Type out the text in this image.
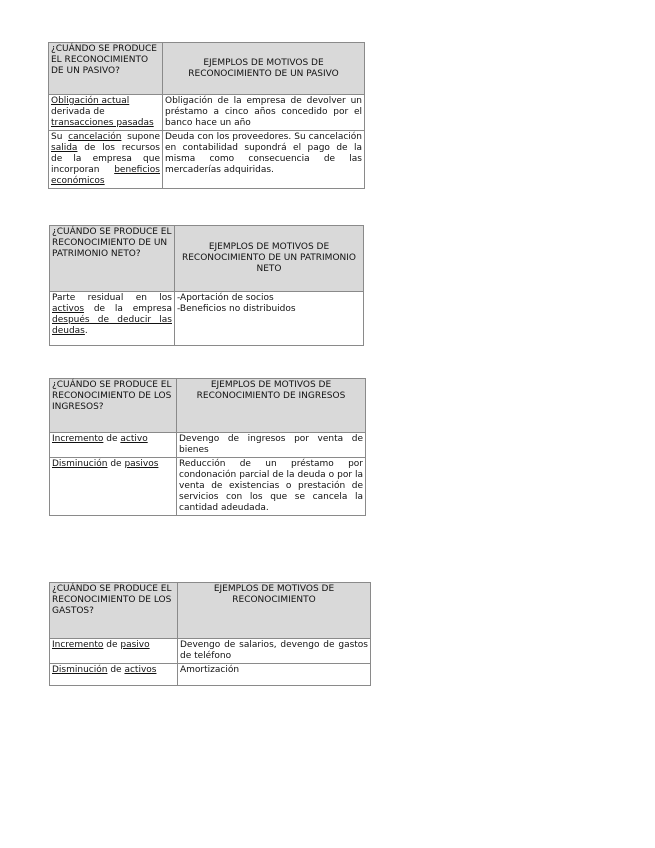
¿CUÁNDO SE PRODUCE EL RECONOCIMIENTO DE UN PASIVO?	EJEMPLOS DE MOTIVOS DE RECONOCIMIENTO DE UN PASIVO
Obligación actual derivada de transacciones pasadas	Obligación de la empresa de devolver un préstamo a cinco años concedido por el banco hace un año
Su cancelación supone salida de los recursos de la empresa que incorporan beneficios económicos	Deuda con los proveedores. Su cancelación en contabilidad supondrá el pago de la misma como consecuencia de las mercaderías adquiridas.
¿CUÁNDO SE PRODUCE EL RECONOCIMIENTO DE UN PATRIMONIO NETO?	EJEMPLOS DE MOTIVOS DE RECONOCIMIENTO DE UN PATRIMONIO NETO
Parte residual en los activos de la empresa después de deducir las deudas.	-Aportación de socios
-Beneficios no distribuidos
¿CUÁNDO SE PRODUCE EL RECONOCIMIENTO DE LOS INGRESOS?	EJEMPLOS DE MOTIVOS DE RECONOCIMIENTO DE INGRESOS
Incremento de activo	Devengo de ingresos por venta de bienes
Disminución de pasivos	Reducción de un préstamo por condonación parcial de la deuda o por la venta de existencias o prestación de servicios con los que se cancela la cantidad adeudada.
¿CUÁNDO SE PRODUCE EL RECONOCIMIENTO DE LOS GASTOS?	EJEMPLOS DE MOTIVOS DE RECONOCIMIENTO
Incremento de pasivo	Devengo de salarios, devengo de gastos de teléfono
Disminución de activos	Amortización
